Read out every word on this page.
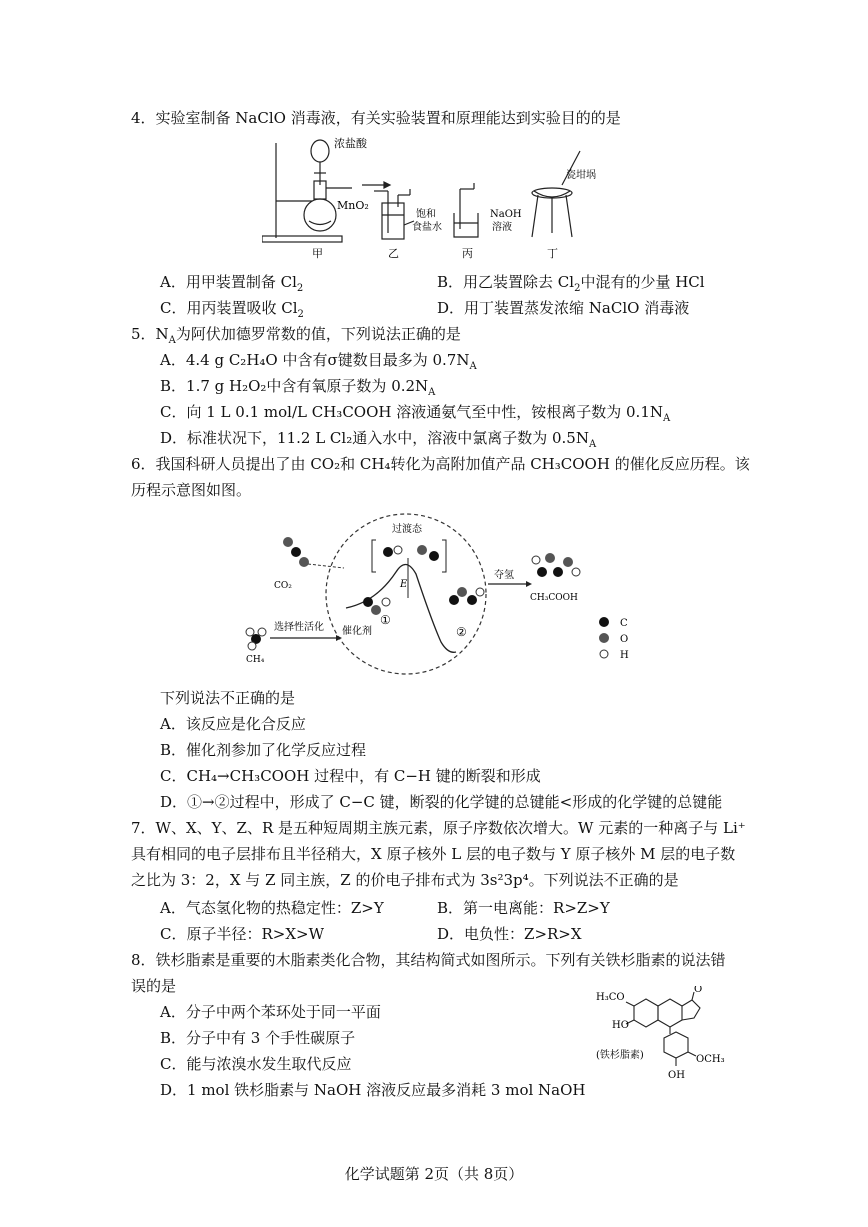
4．实验室制备 NaClO 消毒液，有关实验装置和原理能达到实验目的的是
浓盐酸
MnO₂
甲
饱和
食盐水
乙
NaOH
溶液
丙
瓷坩埚
丁
A．用甲装置制备 $Cl_2$	B．用乙装置除去 $Cl_2$中混有的少量 HCl
C．用丙装置吸收 $Cl_2$	D．用丁装置蒸发浓缩 NaClO 消毒液
5．$N_A$为阿伏加德罗常数的值，下列说法正确的是
A．4.4 g C₂H₄O 中含有σ键数目最多为 $0.7N_A$
B．1.7 g H₂O₂中含有氧原子数为 $0.2N_A$
C．向 1 L 0.1 mol/L CH₃COOH 溶液通氨气至中性，铵根离子数为 $0.1N_A$
D．标准状况下，11.2 L Cl₂通入水中，溶液中氯离子数为 $0.5N_A$
6．我国科研人员提出了由 CO₂和 CH₄转化为高附加值产品 CH₃COOH 的催化反应历程。该
历程示意图如图。
CO₂
CH₄
选择性活化
E
过渡态
催化剂
①
②
夺氢
CH₃COOH
C
O
H
下列说法不正确的是
A．该反应是化合反应
B．催化剂参加了化学反应过程
C．CH₄→CH₃COOH 过程中，有 C−H 键的断裂和形成
D．①→②过程中，形成了 C−C 键，断裂的化学键的总键能<形成的化学键的总键能
7．W、X、Y、Z、R 是五种短周期主族元素，原子序数依次增大。W 元素的一种离子与 Li⁺
具有相同的电子层排布且半径稍大，X 原子核外 L 层的电子数与 Y 原子核外 M 层的电子数
之比为 3：2，X 与 Z 同主族，Z 的价电子排布式为 3s²3p⁴。下列说法不正确的是
A．气态氢化物的热稳定性：Z>Y	B．第一电离能：R>Z>Y
C．原子半径：R>X>W	D．电负性：Z>R>X
8．铁杉脂素是重要的木脂素类化合物，其结构简式如图所示。下列有关铁杉脂素的说法错
误的是
H₃CO
HO
O
(铁杉脂素)	OCH₃
OH
A．分子中两个苯环处于同一平面
B．分子中有 3 个手性碳原子
C．能与浓溴水发生取代反应
D．1 mol 铁杉脂素与 NaOH 溶液反应最多消耗 3 mol NaOH
化学试题第 2页（共 8页）
